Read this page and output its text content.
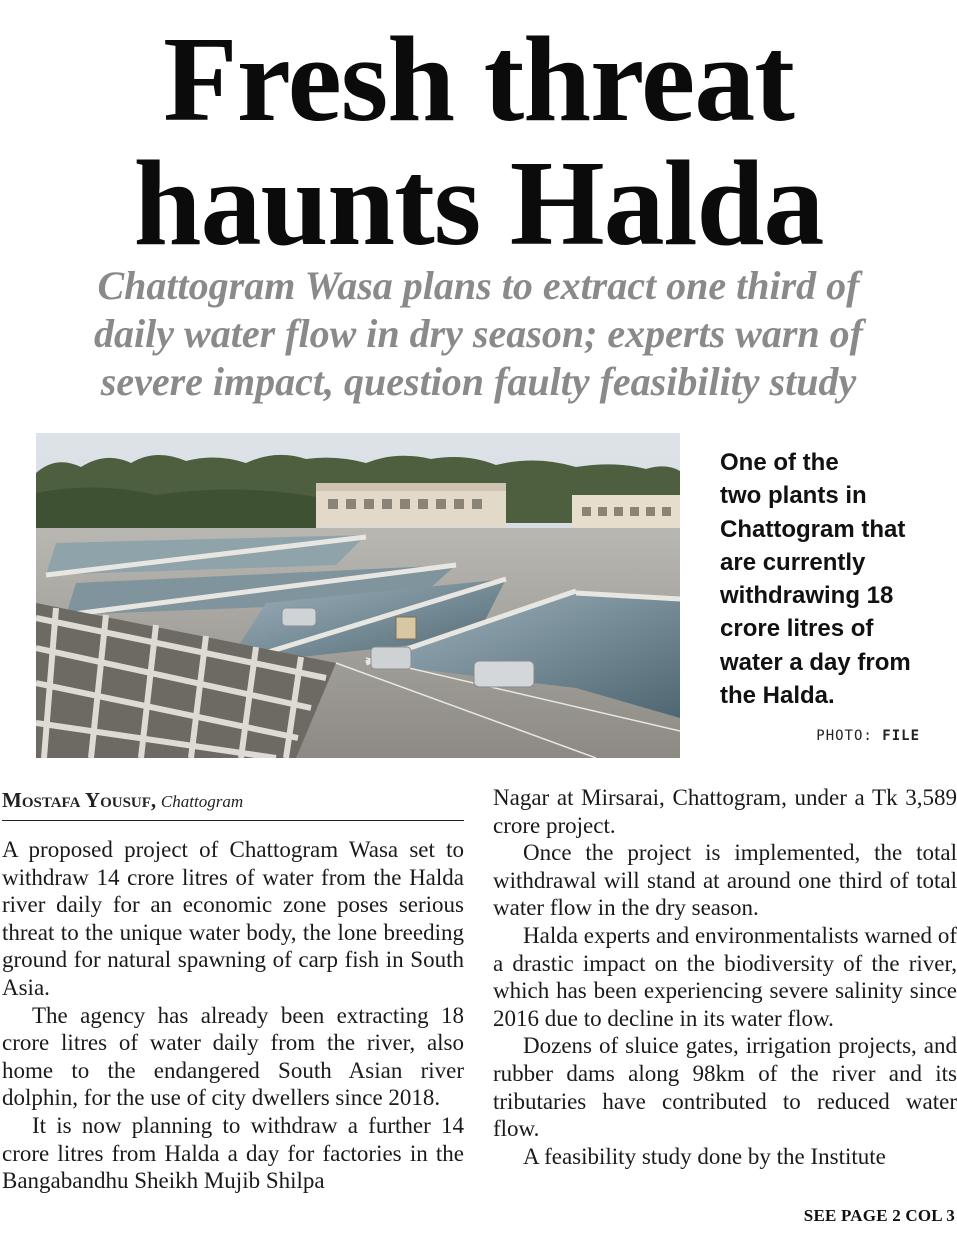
Fresh threat
haunts Halda
Chattogram Wasa plans to extract one third of
daily water flow in dry season; experts warn of
severe impact, question faulty feasibility study
One of the
two plants in
Chattogram that
are currently
withdrawing 18
crore litres of
water a day from
the Halda.
PHOTO: FILE
Mostafa Yousuf, Chattogram

A proposed project of Chattogram Wasa set to withdraw 14 crore litres of water from the Halda river daily for an economic zone poses serious threat to the unique water body, the lone breeding ground for natural spawning of carp fish in South Asia.

The agency has already been extracting 18 crore litres of water daily from the river, also home to the endangered South Asian river dolphin, for the use of city dwellers since 2018.

It is now planning to withdraw a further 14 crore litres from Halda a day for factories in the Bangabandhu Sheikh Mujib Shilpa

Nagar at Mirsarai, Chattogram, under a Tk 3,589 crore project.

Once the project is implemented, the total withdrawal will stand at around one third of total water flow in the dry season.

Halda experts and environmentalists warned of a drastic impact on the biodiversity of the river, which has been experiencing severe salinity since 2016 due to decline in its water flow.

Dozens of sluice gates, irrigation projects, and rubber dams along 98km of the river and its tributaries have contributed to reduced water flow.

A feasibility study done by the Institute

SEE PAGE 2 COL 3
